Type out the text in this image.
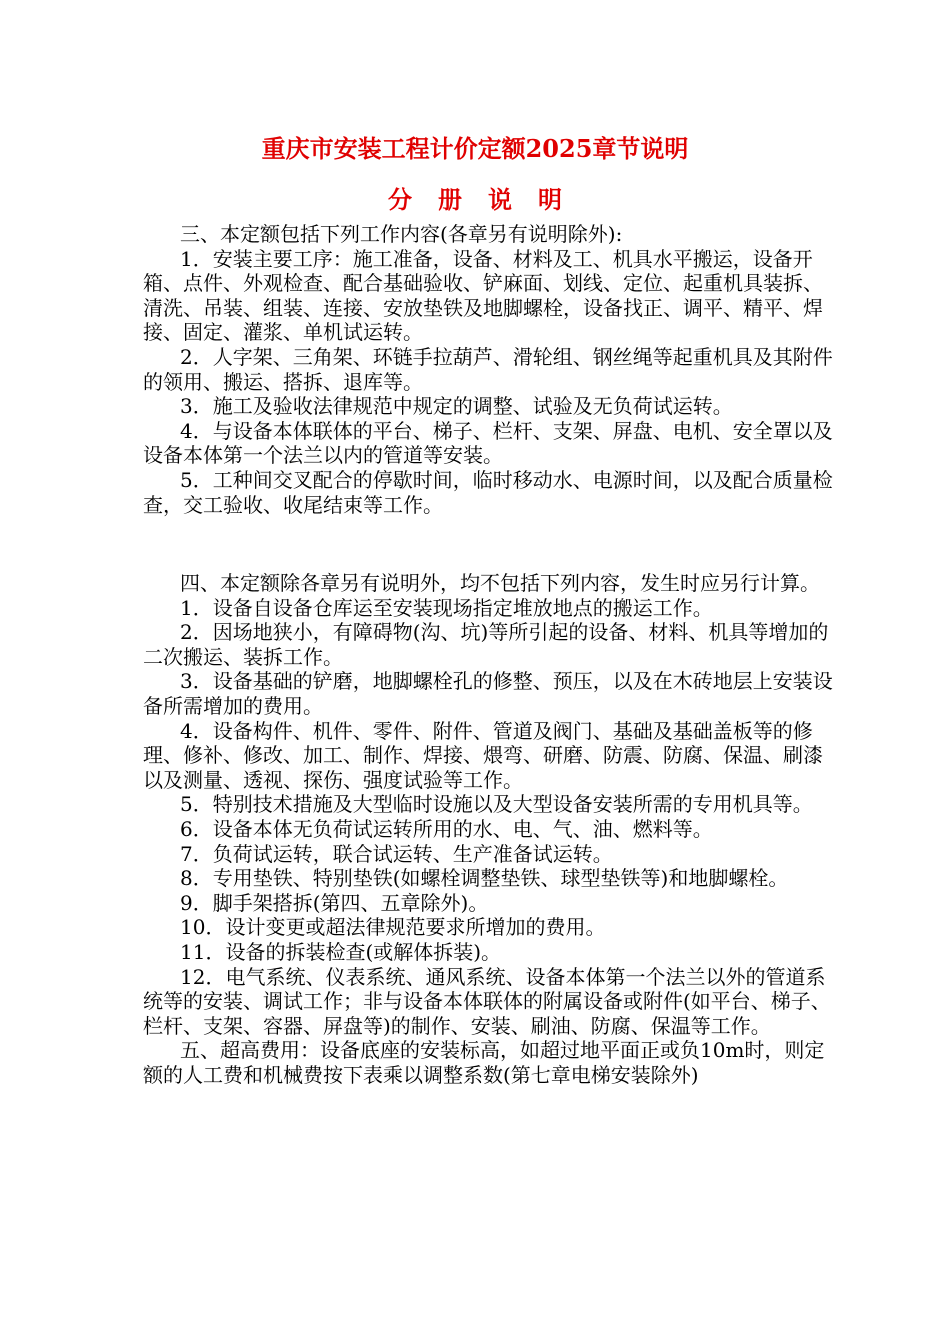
重庆市安装工程计价定额2025章节说明
分册说明

三、本定额包括下列工作内容(各章另有说明除外):

1．安装主要工序：施工准备，设备、材料及工、机具水平搬运，设备开箱、点件、外观检查、配合基础验收、铲麻面、划线、定位、起重机具装拆、清洗、吊装、组装、连接、安放垫铁及地脚螺栓，设备找正、调平、精平、焊接、固定、灌浆、单机试运转。

2．人字架、三角架、环链手拉葫芦、滑轮组、钢丝绳等起重机具及其附件的领用、搬运、搭拆、退库等。

3．施工及验收法律规范中规定的调整、试验及无负荷试运转。

4．与设备本体联体的平台、梯子、栏杆、支架、屏盘、电机、安全罩以及设备本体第一个法兰以内的管道等安装。

5．工种间交叉配合的停歇时间，临时移动水、电源时间，以及配合质量检查，交工验收、收尾结束等工作。

四、本定额除各章另有说明外，均不包括下列内容，发生时应另行计算。

1．设备自设备仓库运至安装现场指定堆放地点的搬运工作。

2．因场地狭小，有障碍物(沟、坑)等所引起的设备、材料、机具等增加的二次搬运、装拆工作。

3．设备基础的铲磨，地脚螺栓孔的修整、预压，以及在木砖地层上安装设备所需增加的费用。

4．设备构件、机件、零件、附件、管道及阀门、基础及基础盖板等的修理、修补、修改、加工、制作、焊接、煨弯、研磨、防震、防腐、保温、刷漆以及测量、透视、探伤、强度试验等工作。

5．特别技术措施及大型临时设施以及大型设备安装所需的专用机具等。

6．设备本体无负荷试运转所用的水、电、气、油、燃料等。

7．负荷试运转，联合试运转、生产准备试运转。

8．专用垫铁、特别垫铁(如螺栓调整垫铁、球型垫铁等)和地脚螺栓。

9．脚手架搭拆(第四、五章除外)。

10．设计变更或超法律规范要求所增加的费用。

11．设备的拆装检查(或解体拆装)。

12．电气系统、仪表系统、通风系统、设备本体第一个法兰以外的管道系统等的安装、调试工作；非与设备本体联体的附属设备或附件(如平台、梯子、栏杆、支架、容器、屏盘等)的制作、安装、刷油、防腐、保温等工作。

五、超高费用：设备底座的安装标高，如超过地平面正或负10m时，则定额的人工费和机械费按下表乘以调整系数(第七章电梯安装除外)
